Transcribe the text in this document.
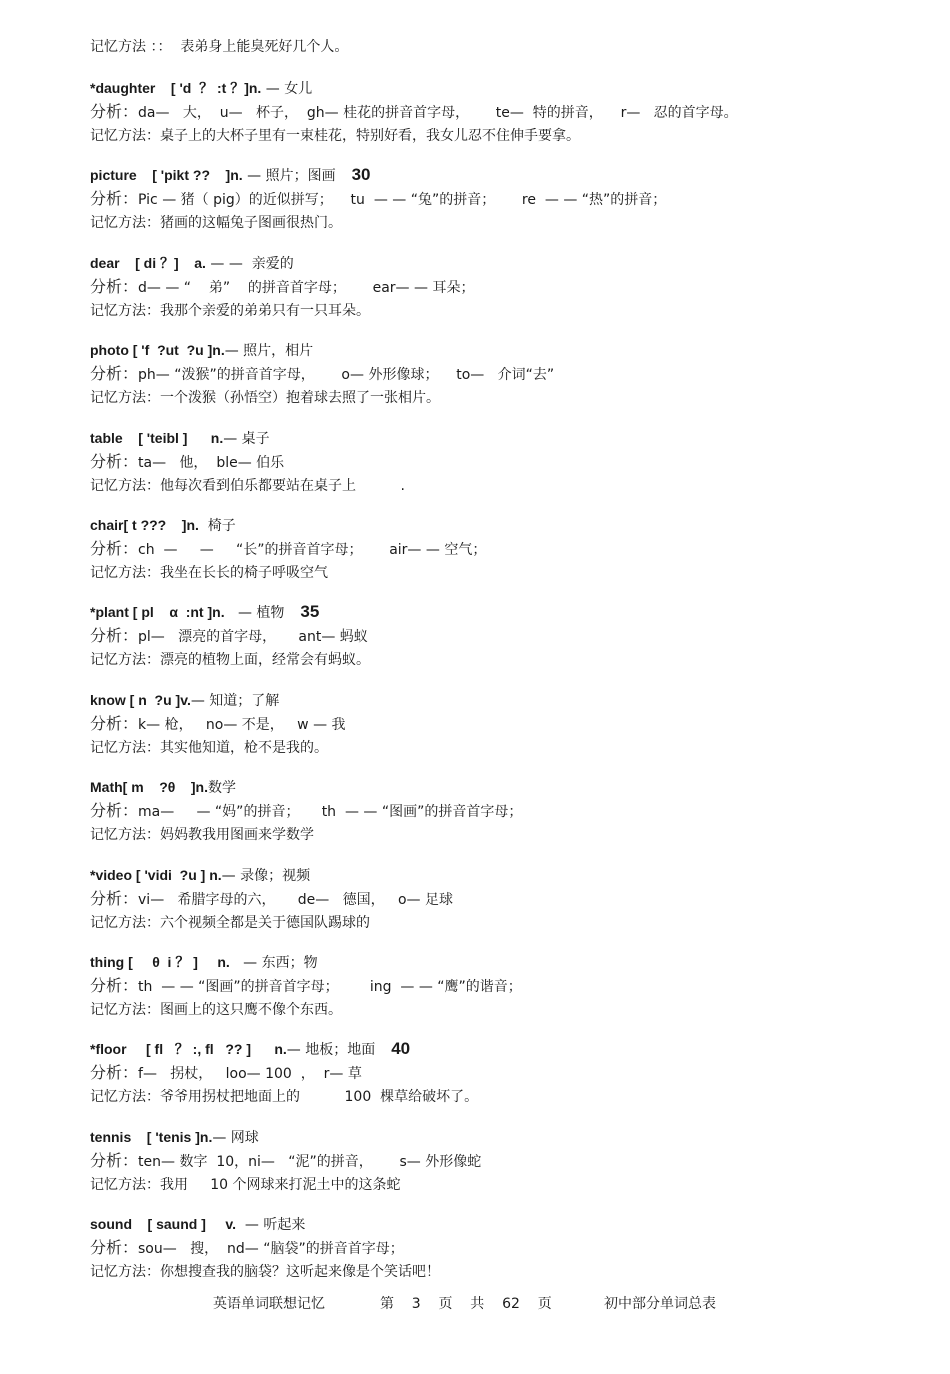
记忆方法 ：：  表弟身上能臭死好几个人。
*daughter    [ 'd  ？ :t ？]n. — 女儿
分析：da—   大，  u—   杯子，  gh— 桂花的拼音首字母，      te—  特的拼音，    r—   忍的首字母。
记忆方法：桌子上的大杯子里有一束桂花，特别好看，我女儿忍不住伸手要拿。
picture    [ 'pikt ??    ]n. — 照片；图画 30
分析：Pic — 猪（ pig）的近似拼写；    tu  — — “兔”的拼音；      re  — — “热”的拼音；
记忆方法：猪画的这幅兔子图画很热门。
dear    [ di ？]    a. — —  亲爱的
分析：d— — “    弟”    的拼音首字母；      ear— — 耳朵；
记忆方法：我那个亲爱的弟弟只有一只耳朵。
photo [ 'f  ?ut  ?u ]n.— 照片，相片
分析：ph— “泼猴”的拼音首字母，      o— 外形像球；    to—   介词“去”
记忆方法：一个泼猴（孙悟空）抱着球去照了一张相片。
table    [ 'teibl ]      n.— 桌子
分析：ta—   他，  ble— 伯乐
记忆方法：他每次看到伯乐都要站在桌子上          .
chair[ t ???    ]n.  椅子
分析：ch  —     —     “长”的拼音首字母；      air— — 空气；
记忆方法：我坐在长长的椅子呼吸空气
*plant [ pl    α  :nt ]n.   — 植物 35
分析：pl—   漂亮的首字母，     ant— 蚂蚁
记忆方法：漂亮的植物上面，经常会有蚂蚁。
know [ n  ?u ]v.— 知道；了解
分析：k— 枪，   no— 不是，   w — 我
记忆方法：其实他知道，枪不是我的。
Math[ m    ?θ    ]n.数学
分析：ma—     — “妈”的拼音；     th  — — “图画”的拼音首字母；
记忆方法：妈妈教我用图画来学数学
*video [ 'vidi  ?u ] n.— 录像；视频
分析：vi—   希腊字母的六，     de—   德国，   o— 足球
记忆方法：六个视频全都是关于德国队踢球的
thing [     θ  i ？ ]     n.   — 东西；物
分析：th  — — “图画”的拼音首字母；       ing  — — “鹰”的谐音；
记忆方法：图画上的这只鹰不像个东西。
*floor     [ fl   ？ :, fl   ?? ]      n.— 地板；地面 40
分析：f—   拐杖，   loo— 100  ，  r— 草
记忆方法：爷爷用拐杖把地面上的          100  棵草给破坏了。
tennis    [ 'tenis ]n.— 网球
分析：ten— 数字  10，ni—   “泥”的拼音，      s— 外形像蛇
记忆方法：我用     10 个网球来打泥土中的这条蛇
sound    [ saund ]     v.  — 听起来
分析：sou—   搜，  nd— “脑袋”的拼音首字母；
记忆方法：你想搜查我的脑袋？这听起来像是个笑话吧！

英语单词联想记忆

	第    3    页    共    62    页

	初中部分单词总表
